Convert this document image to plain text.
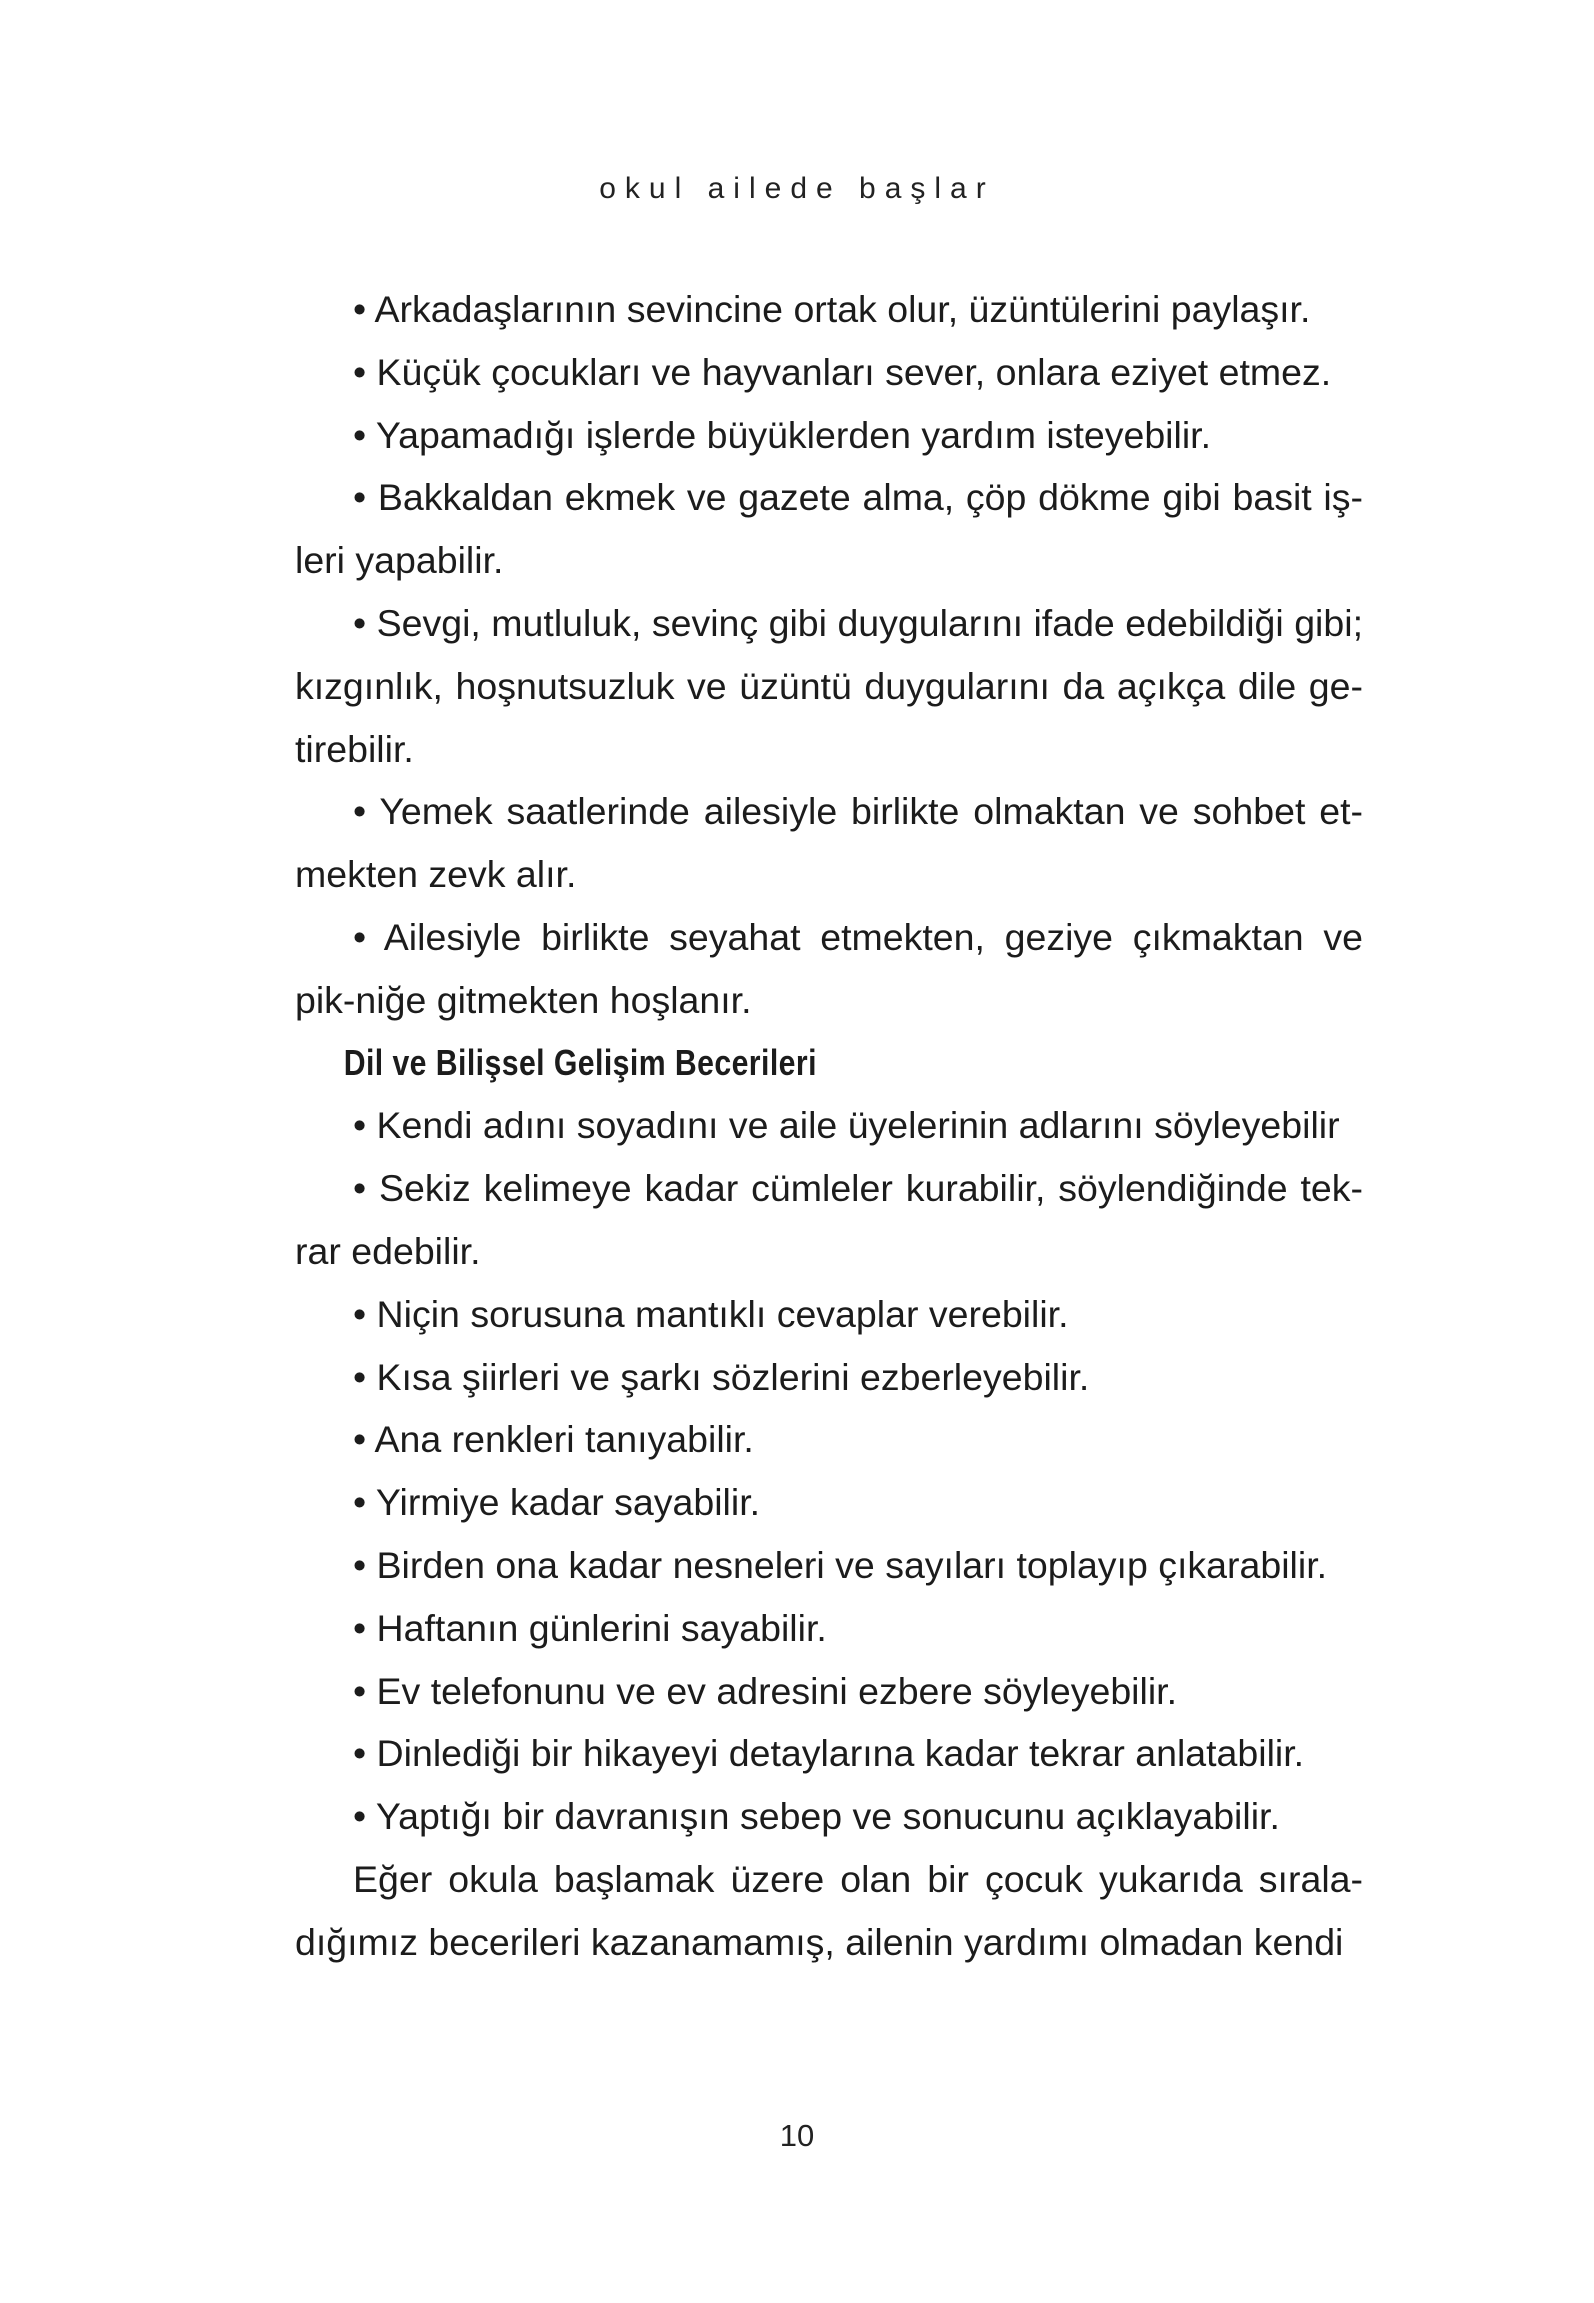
okul ailede başlar

• Arkadaşlarının sevincine ortak olur, üzüntülerini paylaşır.

• Küçük çocukları ve hayvanları sever, onlara eziyet etmez.

• Yapamadığı işlerde büyüklerden yardım isteyebilir.

• Bakkaldan ekmek ve gazete alma, çöp dökme gibi basit iş-leri yapabilir.

• Sevgi, mutluluk, sevinç gibi duygularını ifade edebildiği gibi; kızgınlık, hoşnutsuzluk ve üzüntü duygularını da açıkça dile ge-tirebilir.

• Yemek saatlerinde ailesiyle birlikte olmaktan ve sohbet et-mekten zevk alır.

• Ailesiyle birlikte seyahat etmekten, geziye çıkmaktan ve pik-niğe gitmekten hoşlanır.

Dil ve Bilişsel Gelişim Becerileri

• Kendi adını soyadını ve aile üyelerinin adlarını söyleyebilir

• Sekiz kelimeye kadar cümleler kurabilir, söylendiğinde tek-rar edebilir.

• Niçin sorusuna mantıklı cevaplar verebilir.

• Kısa şiirleri ve şarkı sözlerini ezberleyebilir.

• Ana renkleri tanıyabilir.

• Yirmiye kadar sayabilir.

• Birden ona kadar nesneleri ve sayıları toplayıp çıkarabilir.

• Haftanın günlerini sayabilir.

• Ev telefonunu ve ev adresini ezbere söyleyebilir.

• Dinlediği bir hikayeyi detaylarına kadar tekrar anlatabilir.

• Yaptığı bir davranışın sebep ve sonucunu açıklayabilir.

Eğer okula başlamak üzere olan bir çocuk yukarıda sırala-dığımız becerileri kazanamamış, ailenin yardımı olmadan kendi

10
